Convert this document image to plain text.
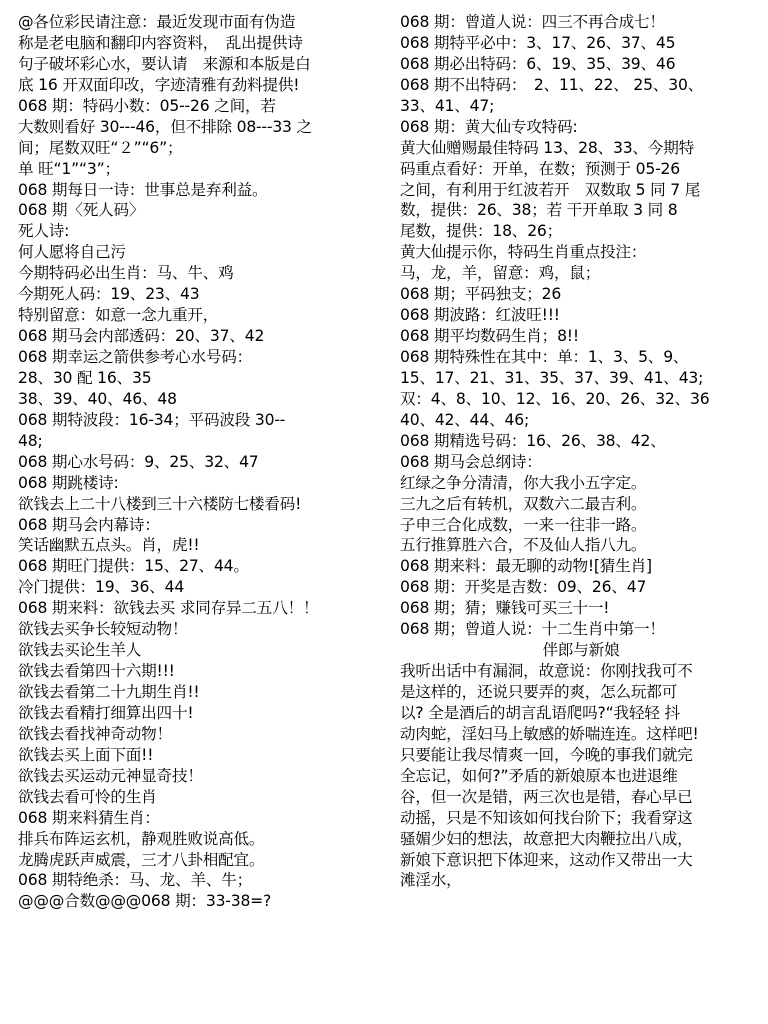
@各位彩民请注意：最近发现市面有伪造
称是老电脑和翻印内容资料，　乱出提供诗
句子破坏彩心水，要认请　来源和本版是白
底 16 开双面印改，字迹清雅有劲料提供!
068 期：特码小数：05--26 之间，若
大数则看好 30---46，但不排除 08---33 之
间；尾数双旺“２”“6”；
单 旺“1”“3”；
068 期每日一诗：世事总是弃利益。
068 期〈死人码〉
死人诗:
何人愿将自己污
今期特码必出生肖：马、牛、鸡
今期死人码：19、23、43
特别留意：如意一念九重开，
068 期马会内部透码：20、37、42
068 期幸运之箭供参考心水号码：
28、30 配 16、35
38、39、40、46、48
068 期特波段：16-34；平码波段 30--
48;
068 期心水号码：9、25、32、47
068 期跳楼诗:
欲钱去上二十八楼到三十六楼防七楼看码!
068 期马会内幕诗：
笑话幽默五点头。肖，虎!!
068 期旺门提供：15、27、44。
冷门提供：19、36、44
068 期来料：欲钱去买 求同存异二五八！！
欲钱去买争长较短动物！
欲钱去买论生羊人
欲钱去看第四十六期!!!
欲钱去看第二十九期生肖!!
欲钱去看精打细算出四十!
欲钱去看找神奇动物！
欲钱去买上面下面!!
欲钱去买运动元神显奇技！
欲钱去看可怜的生肖
068 期来料猜生肖：
排兵布阵运玄机，静观胜败说高低。
龙腾虎跃声威震，三才八卦相配宜。
068 期特绝杀：马、龙、羊、牛；
@@@合数@@@068 期：33-38=?
068 期：曾道人说：四三不再合成七！
068 期特平必中：3、17、26、37、45
068 期必出特码：6、19、35、39、46
068 期不出特码：　2、11、22、 25、30、
33、41、47;
068 期：黄大仙专攻特码:
黄大仙赠赐最佳特码 13、28、33、今期特
码重点看好：开单，在数；预测于 05-26
之间，有利用于红波若开　双数取 5 同 7 尾
数，提供：26、38；若 干开单取 3 同 8
尾数，提供：18、26；
黄大仙提示你，特码生肖重点投注：
马，龙，羊，留意：鸡，鼠；
068 期；平码独支；26
068 期波路：红波旺!!!
068 期平均数码生肖；8!!
068 期特殊性在其中：单：1、3、5、9、
15、17、21、31、35、37、39、41、43;
双：4、8、10、12、16、20、26、32、36
40、42、44、46;
068 期精选号码：16、26、38、42、
068 期马会总纲诗：
红绿之争分清清，你大我小五字定。
三九之后有转机，双数六二最吉利。
子申三合化成数，一来一往非一路。
五行推算胜六合，不及仙人指八九。
068 期来料：最无聊的动物![猜生肖]
068 期：开奖是吉数：09、26、47
068 期；猜；赚钱可买三十一!
068 期；曾道人说：十二生肖中第一！
伴郎与新娘
我听出话中有漏洞，故意说：你刚找我可不
是这样的，还说只要弄的爽，怎么玩都可
以? 全是酒后的胡言乱语爬吗?“我轻轻 抖
动肉蛇，淫妇马上敏感的娇喘连连。这样吧!
只要能让我尽情爽一回，今晚的事我们就完
全忘记，如何?”矛盾的新娘原本也进退维
谷，但一次是错，两三次也是错，春心早已
动摇，只是不知该如何找台阶下；我看穿这
骚媚少妇的想法，故意把大肉鞭拉出八成，
新娘下意识把下体迎来，这动作又带出一大
滩淫水，
